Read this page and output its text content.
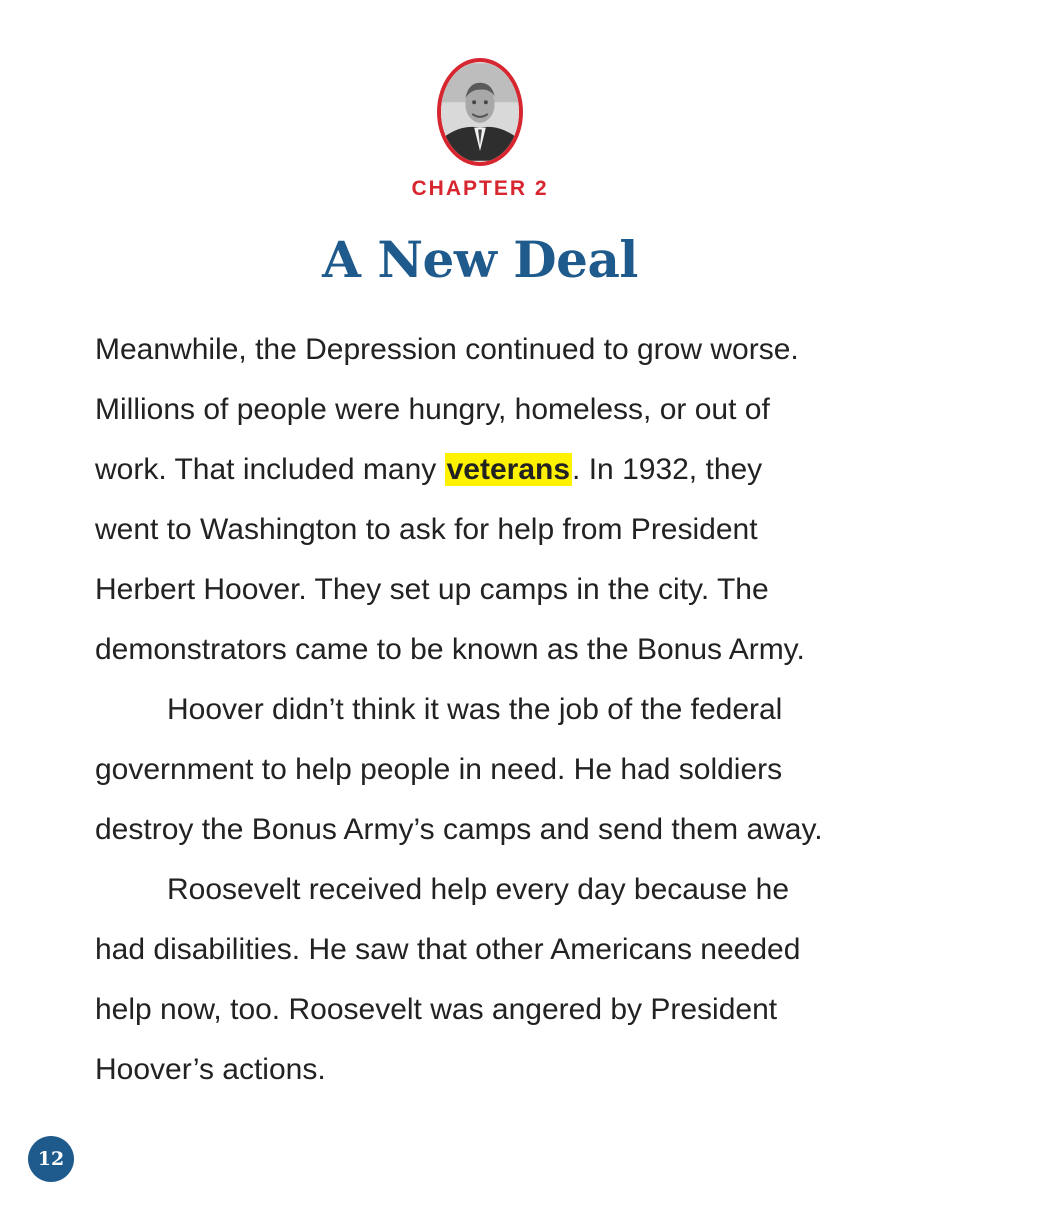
CHAPTER 2
A New Deal
Meanwhile, the Depression continued to grow worse.
Millions of people were hungry, homeless, or out of
work. That included many veterans. In 1932, they
went to Washington to ask for help from President
Herbert Hoover. They set up camps in the city. The
demonstrators came to be known as the Bonus Army.
Hoover didn’t think it was the job of the federal
government to help people in need. He had soldiers
destroy the Bonus Army’s camps and send them away.
Roosevelt received help every day because he
had disabilities. He saw that other Americans needed
help now, too. Roosevelt was angered by President
Hoover’s actions.
12
